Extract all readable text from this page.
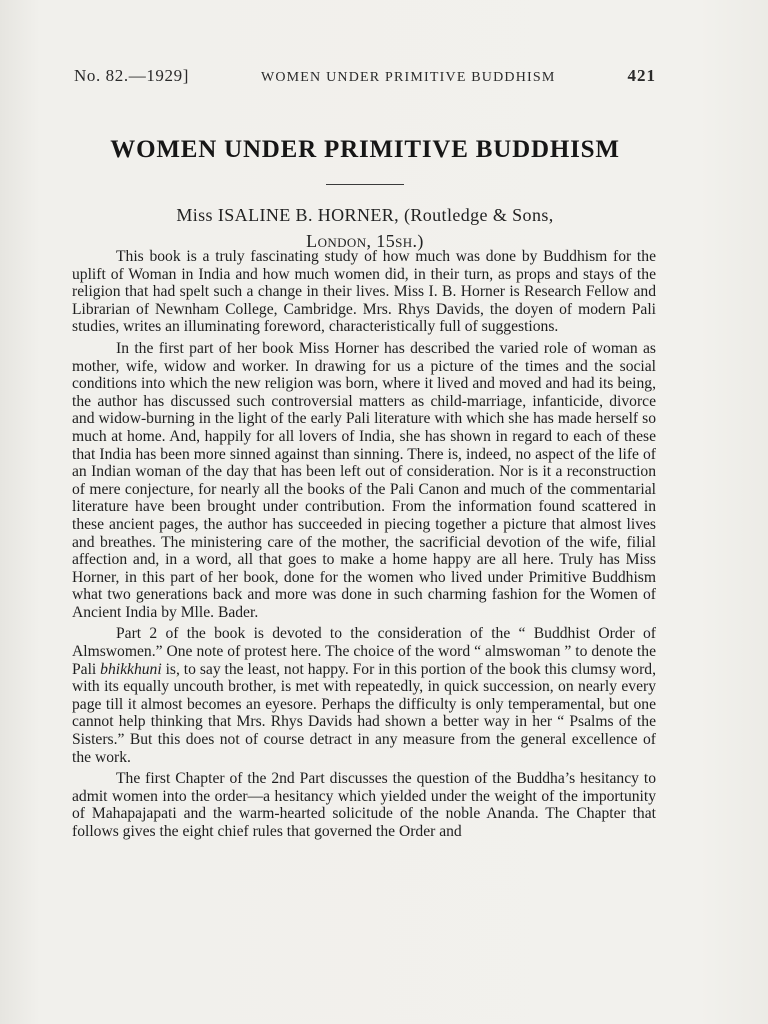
No. 82.—1929]	WOMEN UNDER PRIMITIVE BUDDHISM	421
WOMEN UNDER PRIMITIVE BUDDHISM
Miss ISALINE B. HORNER, (Routledge & Sons,
London, 15sh.)

This book is a truly fascinating study of how much was done by Buddhism for the uplift of Woman in India and how much women did, in their turn, as props and stays of the religion that had spelt such a change in their lives. Miss I. B. Horner is Research Fellow and Librarian of Newnham College, Cambridge. Mrs. Rhys Davids, the doyen of modern Pali studies, writes an illuminating foreword, characteristically full of suggestions.

In the first part of her book Miss Horner has described the varied role of woman as mother, wife, widow and worker. In drawing for us a picture of the times and the social conditions into which the new religion was born, where it lived and moved and had its being, the author has discussed such controversial matters as child-marriage, infanticide, divorce and widow-burning in the light of the early Pali literature with which she has made herself so much at home. And, happily for all lovers of India, she has shown in regard to each of these that India has been more sinned against than sinning. There is, indeed, no aspect of the life of an Indian woman of the day that has been left out of consideration. Nor is it a reconstruction of mere conjecture, for nearly all the books of the Pali Canon and much of the commentarial literature have been brought under contribution. From the information found scattered in these ancient pages, the author has succeeded in piecing together a picture that almost lives and breathes. The ministering care of the mother, the sacrificial devotion of the wife, filial affection and, in a word, all that goes to make a home happy are all here. Truly has Miss Horner, in this part of her book, done for the women who lived under Primitive Buddhism what two generations back and more was done in such charming fashion for the Women of Ancient India by Mlle. Bader.

Part 2 of the book is devoted to the consideration of the “ Buddhist Order of Almswomen.” One note of protest here. The choice of the word “ almswoman ” to denote the Pali bhikkhuni is, to say the least, not happy. For in this portion of the book this clumsy word, with its equally uncouth brother, is met with repeatedly, in quick succession, on nearly every page till it almost becomes an eyesore. Perhaps the difficulty is only temperamental, but one cannot help thinking that Mrs. Rhys Davids had shown a better way in her “ Psalms of the Sisters.” But this does not of course detract in any measure from the general excellence of the work.

The first Chapter of the 2nd Part discusses the question of the Buddha’s hesitancy to admit women into the order—a hesitancy which yielded under the weight of the importunity of Mahapajapati and the warm-hearted solicitude of the noble Ananda. The Chapter that follows gives the eight chief rules that governed the Order and
